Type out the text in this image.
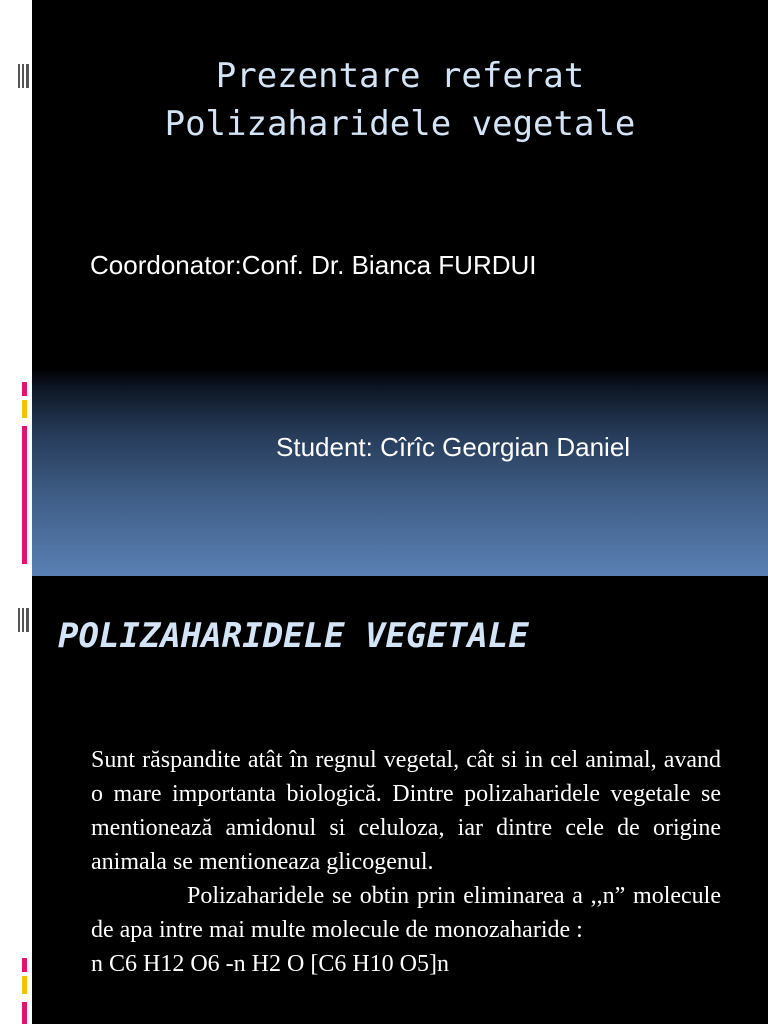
Prezentare referat
Polizaharidele vegetale
Coordonator:Conf. Dr. Bianca FURDUI
Student: Cîrîc Georgian Daniel
POLIZAHARIDELE VEGETALE

Sunt răspandite atât în regnul vegetal, cât si in cel animal, avand o mare importanta biologică. Dintre polizaharidele vegetale se mentionează amidonul si celuloza, iar dintre cele de origine animala se mentioneaza glicogenul.

Polizaharidele se obtin prin eliminarea a ,,n” molecule de apa intre mai multe molecule de monozaharide :

n C6 H12 O6 -n H2 O [C6 H10 O5]n
